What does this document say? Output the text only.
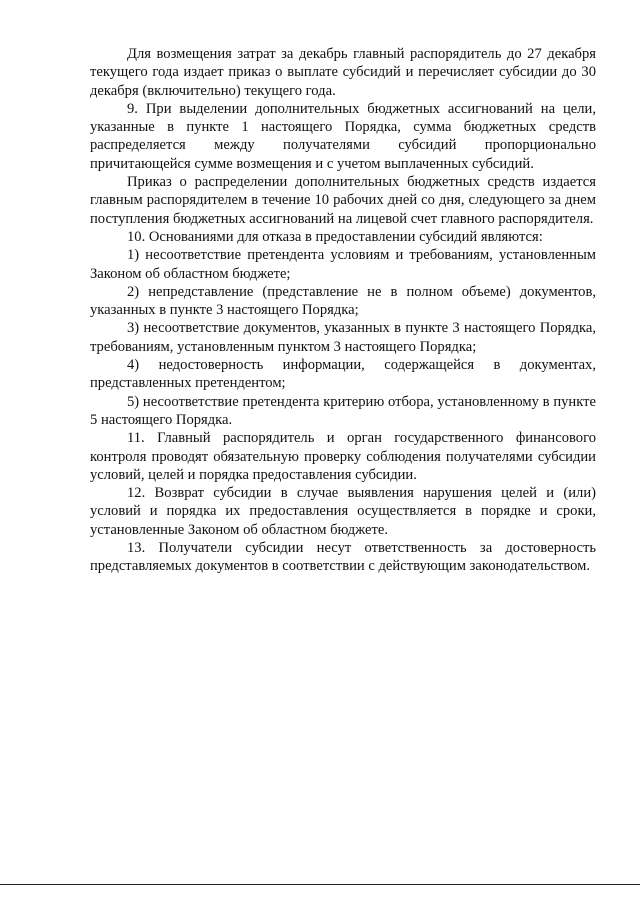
Для возмещения затрат за декабрь главный распорядитель до 27 декабря текущего года издает приказ о выплате субсидий и перечисляет субсидии до 30 декабря (включительно) текущего года.

9. При выделении дополнительных бюджетных ассигнований на цели, указанные в пункте 1 настоящего Порядка, сумма бюджетных средств распределяется между получателями субсидий пропорционально причитающейся сумме возмещения и с учетом выплаченных субсидий.

Приказ о распределении дополнительных бюджетных средств издается главным распорядителем в течение 10 рабочих дней со дня, следующего за днем поступления бюджетных ассигнований на лицевой счет главного распорядителя.

10. Основаниями для отказа в предоставлении субсидий являются:

1) несоответствие претендента условиям и требованиям, установленным Законом об областном бюджете;

2) непредставление (представление не в полном объеме) документов, указанных в пункте 3 настоящего Порядка;

3) несоответствие документов, указанных в пункте 3 настоящего Порядка, требованиям, установленным пунктом 3 настоящего Порядка;

4) недостоверность информации, содержащейся в документах, представленных претендентом;

5) несоответствие претендента критерию отбора, установленному в пункте 5 настоящего Порядка.

11. Главный распорядитель и орган государственного финансового контроля проводят обязательную проверку соблюдения получателями субсидии условий, целей и порядка предоставления субсидии.

12. Возврат субсидии в случае выявления нарушения целей и (или) условий и порядка их предоставления осуществляется в порядке и сроки, установленные Законом об областном бюджете.

13. Получатели субсидии несут ответственность за достоверность представляемых документов в соответствии с действующим законодательством.
